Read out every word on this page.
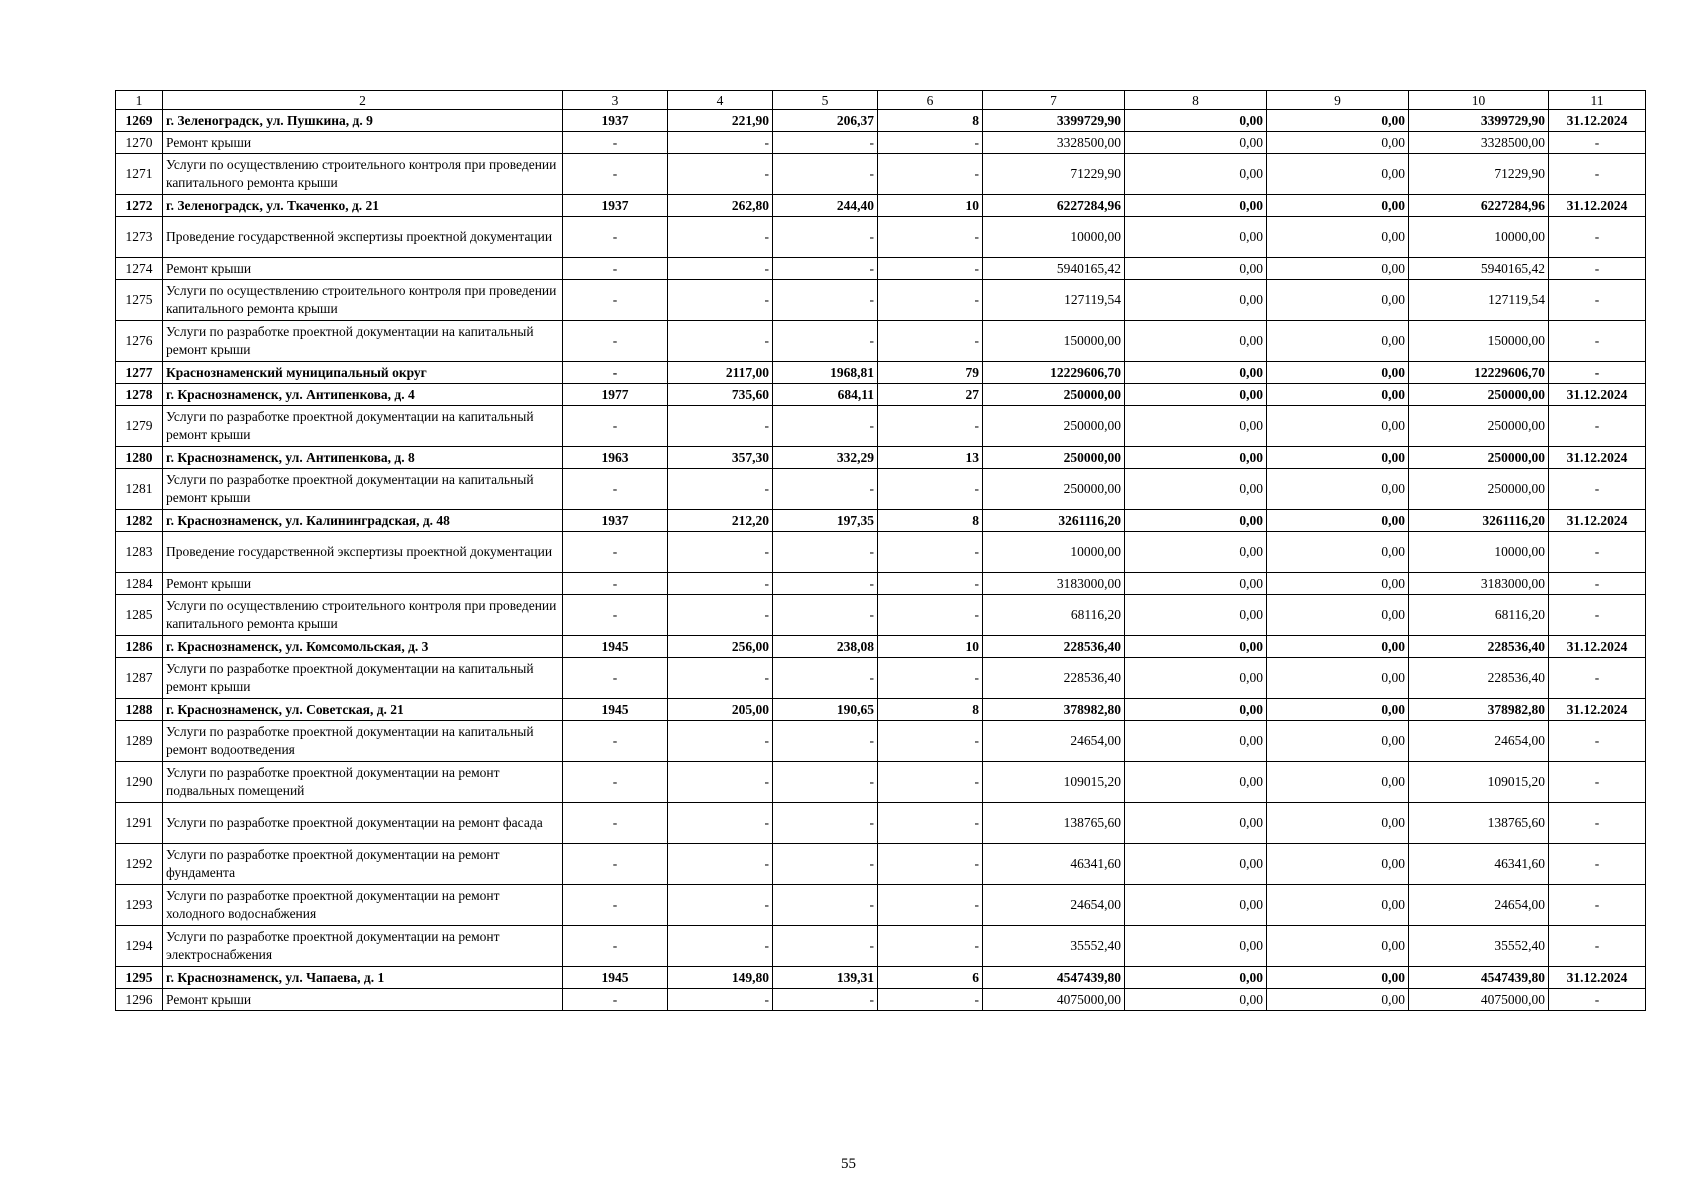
1	2	3	4	5	6	7	8	9	10	11
1269	г. Зеленоградск, ул. Пушкина, д. 9	1937	221,90	206,37	8	3399729,90	0,00	0,00	3399729,90	31.12.2024
1270	Ремонт крыши	-	-	-	-	3328500,00	0,00	0,00	3328500,00	-
1271	Услуги по осуществлению строительного контроля при проведении капитального ремонта крыши	-	-	-	-	71229,90	0,00	0,00	71229,90	-
1272	г. Зеленоградск, ул. Ткаченко, д. 21	1937	262,80	244,40	10	6227284,96	0,00	0,00	6227284,96	31.12.2024
1273	Проведение государственной экспертизы проектной документации	-	-	-	-	10000,00	0,00	0,00	10000,00	-
1274	Ремонт крыши	-	-	-	-	5940165,42	0,00	0,00	5940165,42	-
1275	Услуги по осуществлению строительного контроля при проведении капитального ремонта крыши	-	-	-	-	127119,54	0,00	0,00	127119,54	-
1276	Услуги по разработке проектной документации на капитальный ремонт крыши	-	-	-	-	150000,00	0,00	0,00	150000,00	-
1277	Краснознаменский муниципальный округ	-	2117,00	1968,81	79	12229606,70	0,00	0,00	12229606,70	-
1278	г. Краснознаменск, ул. Антипенкова, д. 4	1977	735,60	684,11	27	250000,00	0,00	0,00	250000,00	31.12.2024
1279	Услуги по разработке проектной документации на капитальный ремонт крыши	-	-	-	-	250000,00	0,00	0,00	250000,00	-
1280	г. Краснознаменск, ул. Антипенкова, д. 8	1963	357,30	332,29	13	250000,00	0,00	0,00	250000,00	31.12.2024
1281	Услуги по разработке проектной документации на капитальный ремонт крыши	-	-	-	-	250000,00	0,00	0,00	250000,00	-
1282	г. Краснознаменск, ул. Калининградская, д. 48	1937	212,20	197,35	8	3261116,20	0,00	0,00	3261116,20	31.12.2024
1283	Проведение государственной экспертизы проектной документации	-	-	-	-	10000,00	0,00	0,00	10000,00	-
1284	Ремонт крыши	-	-	-	-	3183000,00	0,00	0,00	3183000,00	-
1285	Услуги по осуществлению строительного контроля при проведении капитального ремонта крыши	-	-	-	-	68116,20	0,00	0,00	68116,20	-
1286	г. Краснознаменск, ул. Комсомольская, д. 3	1945	256,00	238,08	10	228536,40	0,00	0,00	228536,40	31.12.2024
1287	Услуги по разработке проектной документации на капитальный ремонт крыши	-	-	-	-	228536,40	0,00	0,00	228536,40	-
1288	г. Краснознаменск, ул. Советская, д. 21	1945	205,00	190,65	8	378982,80	0,00	0,00	378982,80	31.12.2024
1289	Услуги по разработке проектной документации на капитальный ремонт водоотведения	-	-	-	-	24654,00	0,00	0,00	24654,00	-
1290	Услуги по разработке проектной документации на ремонт подвальных помещений	-	-	-	-	109015,20	0,00	0,00	109015,20	-
1291	Услуги по разработке проектной документации на ремонт фасада	-	-	-	-	138765,60	0,00	0,00	138765,60	-
1292	Услуги по разработке проектной документации на ремонт фундамента	-	-	-	-	46341,60	0,00	0,00	46341,60	-
1293	Услуги по разработке проектной документации на ремонт холодного водоснабжения	-	-	-	-	24654,00	0,00	0,00	24654,00	-
1294	Услуги по разработке проектной документации на ремонт электроснабжения	-	-	-	-	35552,40	0,00	0,00	35552,40	-
1295	г. Краснознаменск, ул. Чапаева, д. 1	1945	149,80	139,31	6	4547439,80	0,00	0,00	4547439,80	31.12.2024
1296	Ремонт крыши	-	-	-	-	4075000,00	0,00	0,00	4075000,00	-
55
